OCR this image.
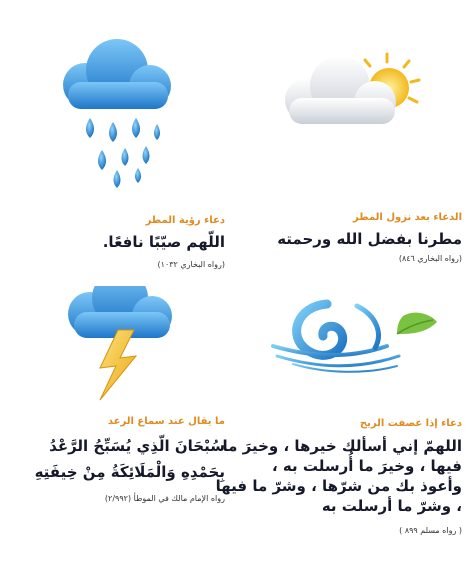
دعاء رؤية المطر

اللّهم صيّبًا نافعًا.

(رواه البخاري ١٠٣٢)

الدعاء بعد نزول المطر

مطرنا بفضل الله ورحمته

(رواه البخاري ٨٤٦)

ما يقال عند سماع الرعد

سُبْحَانَ الّذِي يُسَبِّحُ الرَّعْدُ

بِحَمْدِهِ وَالْمَلَائِكَةُ مِنْ خِيفَتِهِ

رواه الإمام مالك في الموطأ (٢/٩٩٢)

دعاء إذا عصفت الريح

اللهمّ إني أسألك خيرها ، وخيرَ ما

فيها ، وخيرَ ما أُرسلت به ،

وأعوذ بك من شرّها ، وشرّ ما فيها

، وشرّ ما أرسلت به

( رواه مسلم ٨٩٩ )
